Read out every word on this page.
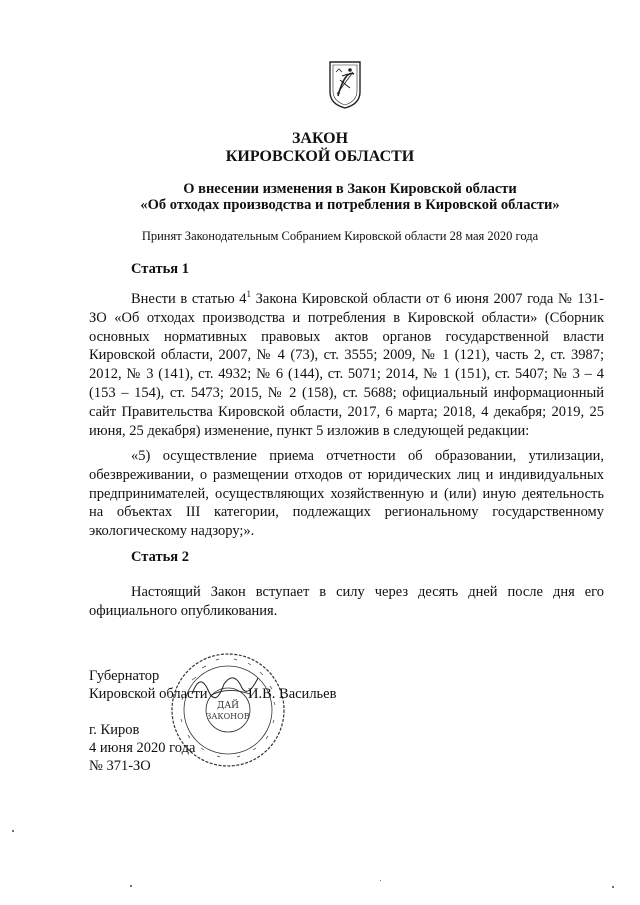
ЗАКОН
КИРОВСКОЙ ОБЛАСТИ
О внесении изменения в Закон Кировской области
«Об отходах производства и потребления в Кировской области»
Принят Законодательным Собранием Кировской области 28 мая 2020 года
Статья 1
Внести в статью $4^1$ Закона Кировской области от 6 июня 2007 года № 131-ЗО «Об отходах производства и потребления в Кировской области» (Сборник основных нормативных правовых актов органов государственной власти Кировской области, 2007, № 4 (73), ст. 3555; 2009, № 1 (121), часть 2, ст. 3987; 2012, № 3 (141), ст. 4932; № 6 (144), ст. 5071; 2014, № 1 (151), ст. 5407; № 3 – 4 (153 – 154), ст. 5473; 2015, № 2 (158), ст. 5688; официальный информационный сайт Правительства Кировской области, 2017, 6 марта; 2018, 4 декабря; 2019, 25 июня, 25 декабря) изменение, пункт 5 изложив в следующей редакции:
«5) осуществление приема отчетности об образовании, утилизации, обезвреживании, о размещении отходов от юридических лиц и индивидуальных предпринимателей, осуществляющих хозяйственную и (или) иную деятельность на объектах III категории, подлежащих региональному государственному экологическому надзору;».
Статья 2
Настоящий Закон вступает в силу через десять дней после дня его официального опубликования.
ДАЙ
ЗАКОНОВ
Губернатор
Кировской области	И.В. Васильев
г. Киров
4 июня 2020 года
№ 371-ЗО
